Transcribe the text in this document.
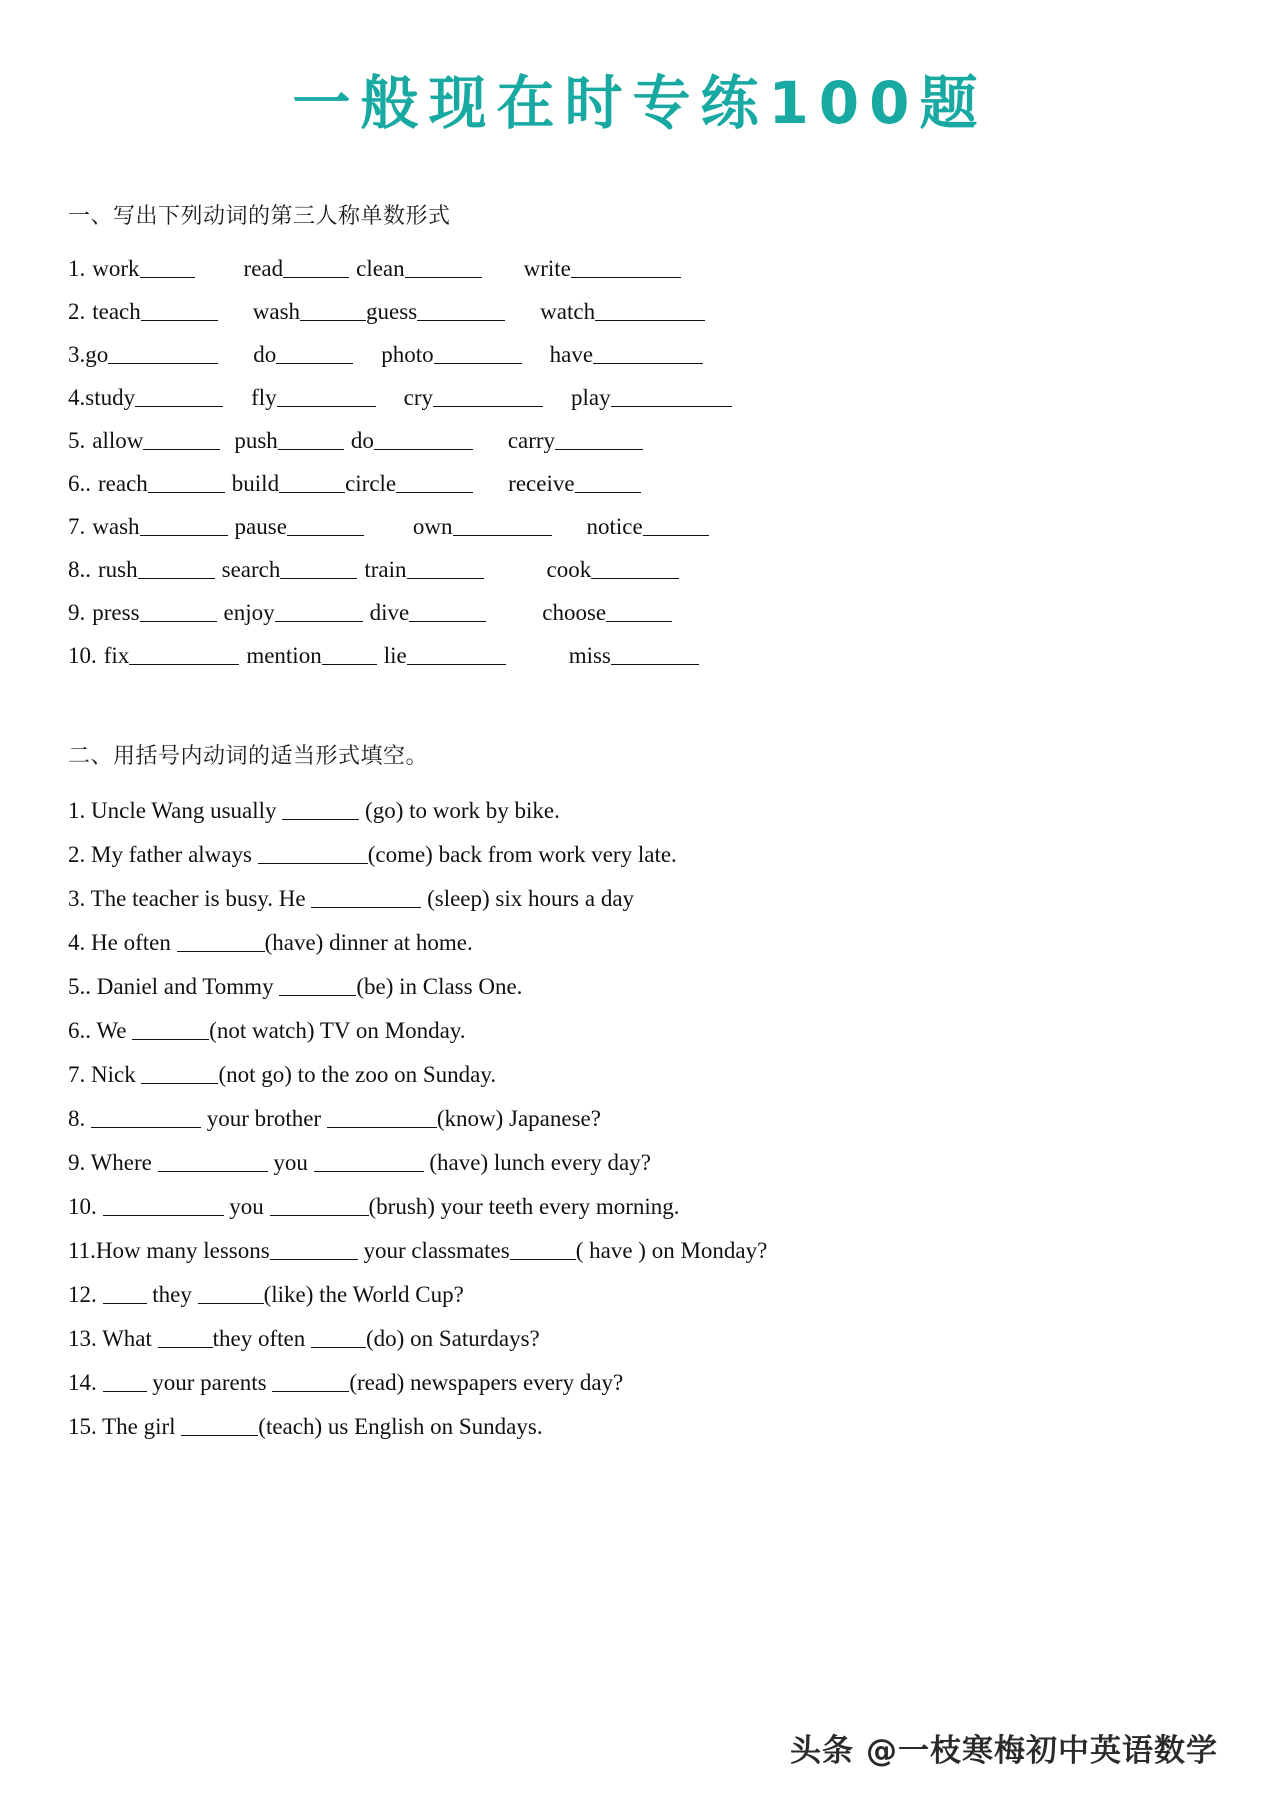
一般现在时专练100题
一、写出下列动词的第三人称单数形式
1. work	read	clean	write
2. teach	wash	guess	watch
3.go	do	photo	have
4.study	fly	cry	play
5. allow	push	do	carry
6.. reach	build	circle	receive
7. wash	pause	own	notice
8.. rush	search	train	cook
9. press	enjoy	dive	choose
10. fix	mention	lie	miss
二、用括号内动词的适当形式填空。
1. Uncle Wang usually	(go) to work by bike.
2. My father always	(come) back from work very late.
3. The teacher is busy. He	(sleep) six hours a day
4. He often	(have) dinner at home.
5.. Daniel and Tommy	(be) in Class One.
6.. We	(not watch) TV on Monday.
7. Nick	(not go) to the zoo on Sunday.
8.	your brother	(know) Japanese?
9. Where	you	(have) lunch every day?
10.	you	(brush) your teeth every morning.
11.How many lessons	your classmates	( have ) on Monday?
12.  they	(like) the World Cup?
13. What they often (do) on Saturdays?
14.  your parents	(read) newspapers every day?
15. The girl	(teach) us English on Sundays.
头条 @一枝寒梅初中英语数学
